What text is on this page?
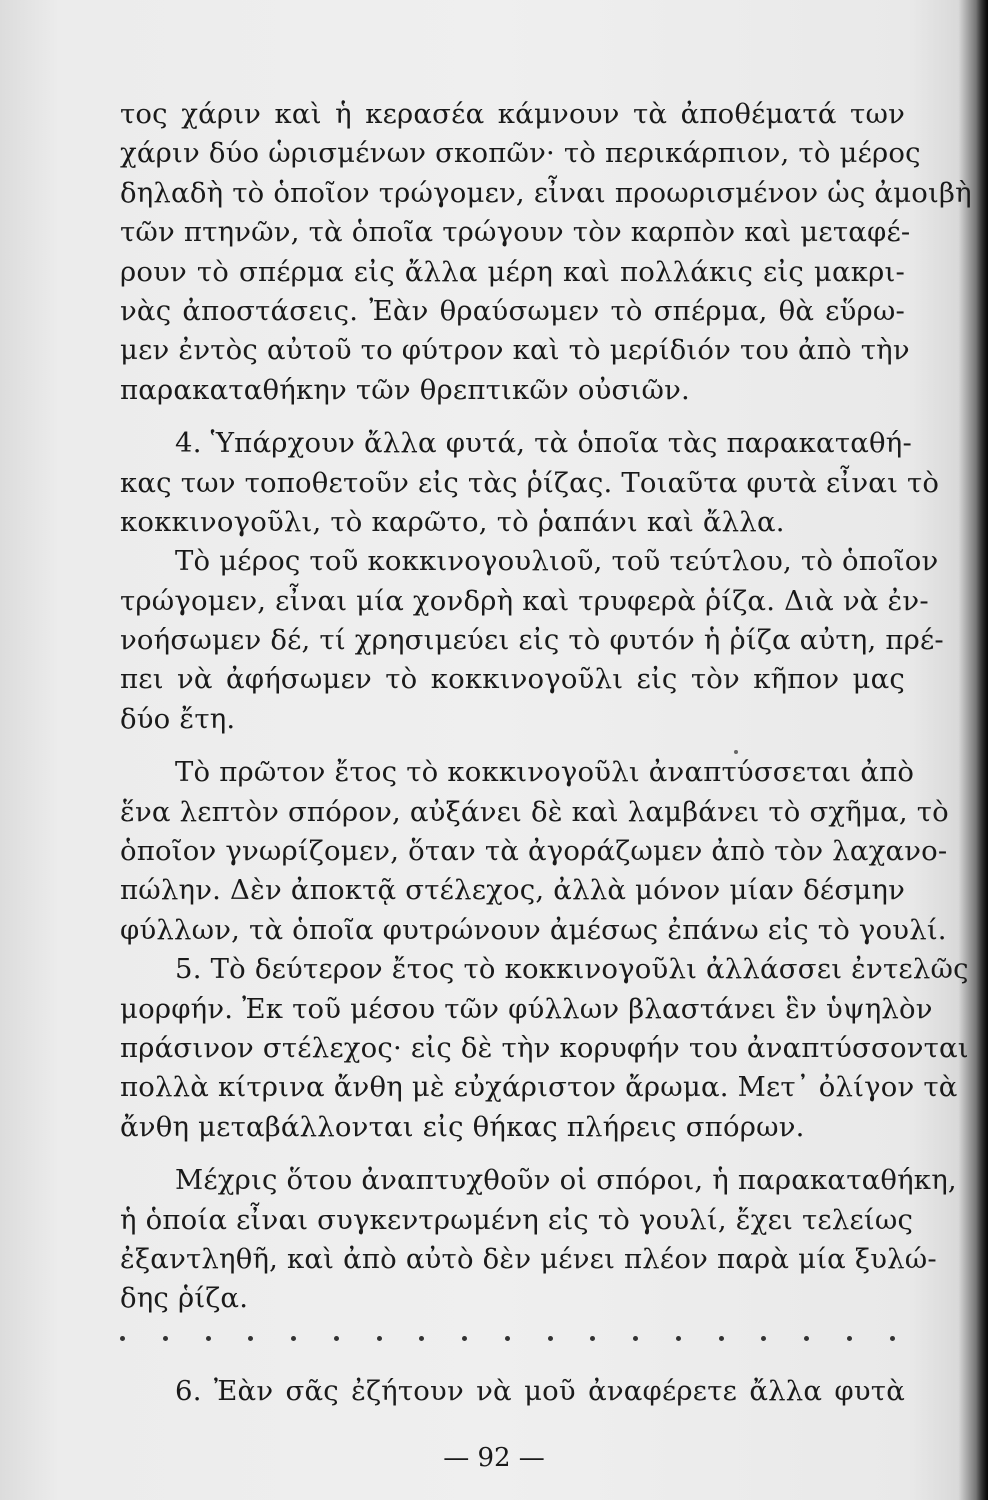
τος χάριν καὶ ἡ κερασέα κάμνουν τὰ ἀποθέματά των
χάριν δύο ὡρισμένων σκοπῶν· τὸ περικάρπιον, τὸ μέρος
δηλαδὴ τὸ ὁποῖον τρώγομεν, εἶναι προωρισμένον ὡς ἀμοιβὴ
τῶν πτηνῶν, τὰ ὁποῖα τρώγουν τὸν καρπὸν καὶ μεταφέ-
ρουν τὸ σπέρμα εἰς ἄλλα μέρη καὶ πολλάκις εἰς μακρι-
νὰς ἀποστάσεις. Ἐὰν θραύσωμεν τὸ σπέρμα, θὰ εὕρω-
μεν ἐντὸς αὐτοῦ το φύτρον καὶ τὸ μερίδιόν του ἀπὸ τὴν
παρακαταθήκην τῶν θρεπτικῶν οὐσιῶν.
4. Ὑπάρχουν ἄλλα φυτά, τὰ ὁποῖα τὰς παρακαταθή-
κας των τοποθετοῦν εἰς τὰς ῥίζας. Τοιαῦτα φυτὰ εἶναι τὸ
κοκκινογοῦλι, τὸ καρῶτο, τὸ ῥαπάνι καὶ ἄλλα.
Τὸ μέρος τοῦ κοκκινογουλιοῦ, τοῦ τεύτλου, τὸ ὁποῖον
τρώγομεν, εἶναι μία χονδρὴ καὶ τρυφερὰ ῥίζα. Διὰ νὰ ἐν-
νοήσωμεν δέ, τί χρησιμεύει εἰς τὸ φυτόν ἡ ῥίζα αὐτη, πρέ-
πει νὰ ἀφήσωμεν τὸ κοκκινογοῦλι εἰς τὸν κῆπον μας
δύο ἔτη.
Τὸ πρῶτον ἔτος τὸ κοκκινογοῦλι ἀναπτύσσεται ἀπὸ
ἕνα λεπτὸν σπόρον, αὐξάνει δὲ καὶ λαμβάνει τὸ σχῆμα, τὸ
ὁποῖον γνωρίζομεν, ὅταν τὰ ἀγοράζωμεν ἀπὸ τὸν λαχανο-
πώλην. Δὲν ἀποκτᾷ στέλεχος, ἀλλὰ μόνον μίαν δέσμην
φύλλων, τὰ ὁποῖα φυτρώνουν ἀμέσως ἐπάνω εἰς τὸ γουλί.
5. Τὸ δεύτερον ἔτος τὸ κοκκινογοῦλι ἀλλάσσει ἐντελῶς
μορφήν. Ἐκ τοῦ μέσου τῶν φύλλων βλαστάνει ἓν ὑψηλὸν
πράσινον στέλεχος· εἰς δὲ τὴν κορυφήν του ἀναπτύσσονται
πολλὰ κίτρινα ἄνθη μὲ εὐχάριστον ἄρωμα. Μετ᾽ ὀλίγον τὰ
ἄνθη μεταβάλλονται εἰς θήκας πλήρεις σπόρων.
Μέχρις ὅτου ἀναπτυχθοῦν οἱ σπόροι, ἡ παρακαταθήκη,
ἡ ὁποία εἶναι συγκεντρωμένη εἰς τὸ γουλί, ἔχει τελείως
ἐξαντληθῆ, καὶ ἀπὸ αὐτὸ δὲν μένει πλέον παρὰ μία ξυλώ-
δης ῥίζα.
6. Ἐὰν σᾶς ἐζήτουν νὰ μοῦ ἀναφέρετε ἄλλα φυτὰ
— 92 —
